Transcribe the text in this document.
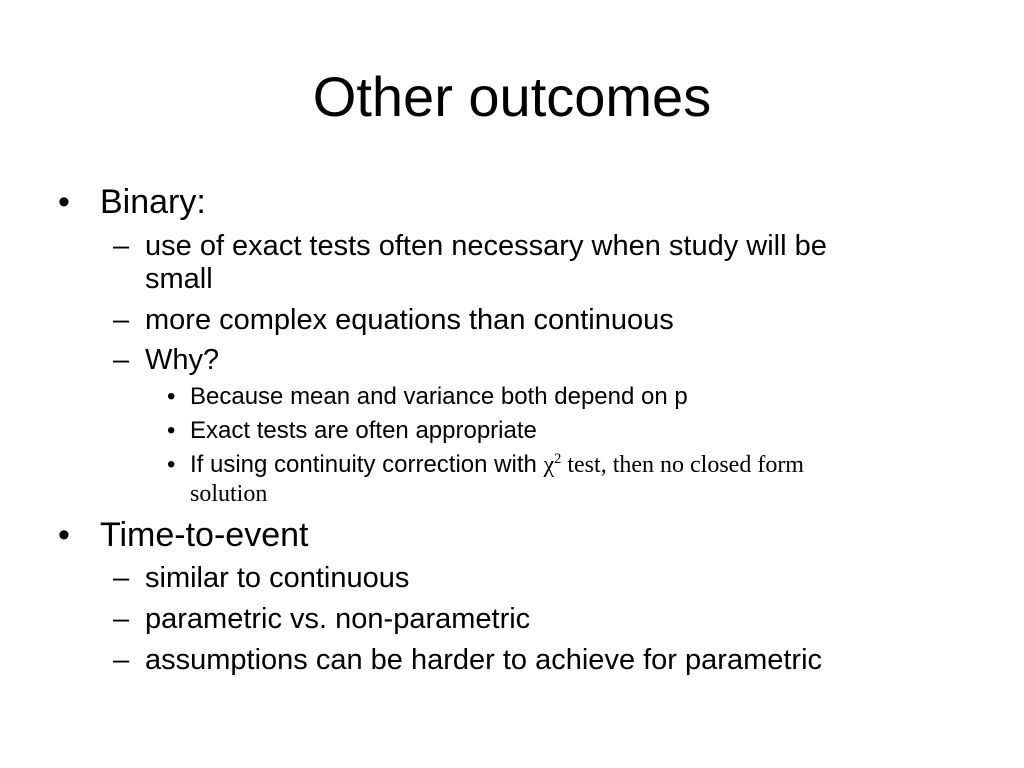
Other outcomes
• Binary:
– use of exact tests often necessary when study will be
small
– more complex equations than continuous
– Why?
• Because mean and variance both depend on p
• Exact tests are often appropriate
• If using continuity correction with $\chi^2$ test, then no closed form
solution
• Time-to-event
– similar to continuous
– parametric vs. non-parametric
– assumptions can be harder to achieve for parametric
